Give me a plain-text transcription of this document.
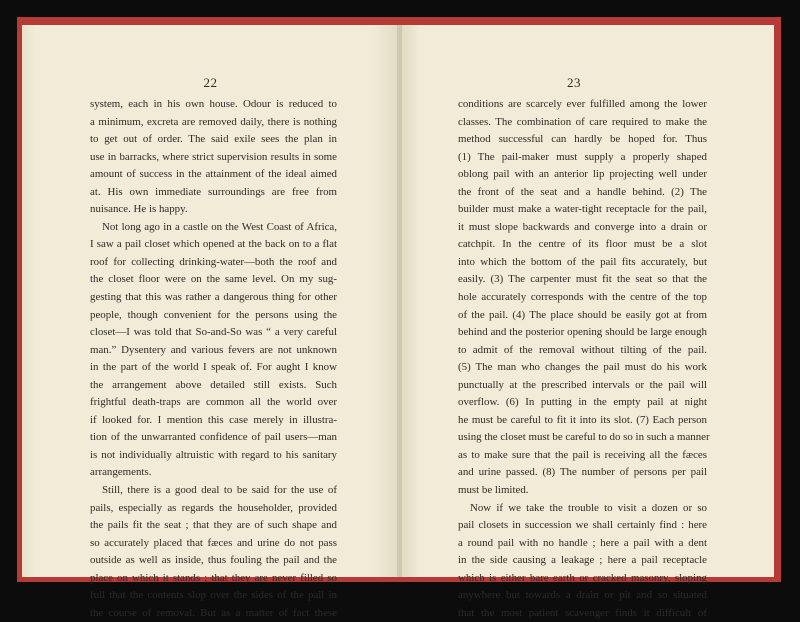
22
system, each in his own house. Odour is reduced to
a minimum, excreta are removed daily, there is nothing
to get out of order. The said exile sees the plan in
use in barracks, where strict supervision results in some
amount of success in the attainment of the ideal aimed
at. His own immediate surroundings are free from
nuisance. He is happy.
Not long ago in a castle on the West Coast of Africa,
I saw a pail closet which opened at the back on to a flat
roof for collecting drinking-water—both the roof and
the closet floor were on the same level. On my sug-
gesting that this was rather a dangerous thing for other
people, though convenient for the persons using the
closet—I was told that So-and-So was “ a very careful
man.” Dysentery and various fevers are not unknown
in the part of the world I speak of. For aught I know
the arrangement above detailed still exists. Such
frightful death-traps are common all the world over
if looked for. I mention this case merely in illustra-
tion of the unwarranted confidence of pail users—man
is not individually altruistic with regard to his sanitary
arrangements.
Still, there is a good deal to be said for the use of
pails, especially as regards the householder, provided
the pails fit the seat ; that they are of such shape and
so accurately placed that fæces and urine do not pass
outside as well as inside, thus fouling the pail and the
place on which it stands ; that they are never filled so
full that the contents slop over the sides of the pail in
the course of removal. But as a matter of fact these
23
conditions are scarcely ever fulfilled among the lower
classes. The combination of care required to make the
method successful can hardly be hoped for. Thus
(1) The pail-maker must supply a properly shaped
oblong pail with an anterior lip projecting well under
the front of the seat and a handle behind. (2) The
builder must make a water-tight receptacle for the pail,
it must slope backwards and converge into a drain or
catchpit. In the centre of its floor must be a slot
into which the bottom of the pail fits accurately, but
easily. (3) The carpenter must fit the seat so that the
hole accurately corresponds with the centre of the top
of the pail. (4) The place should be easily got at from
behind and the posterior opening should be large enough
to admit of the removal without tilting of the pail.
(5) The man who changes the pail must do his work
punctually at the prescribed intervals or the pail will
overflow. (6) In putting in the empty pail at night
he must be careful to fit it into its slot. (7) Each person
using the closet must be careful to do so in such a manner
as to make sure that the pail is receiving all the fæces
and urine passed. (8) The number of persons per pail
must be limited.
Now if we take the trouble to visit a dozen or so
pail closets in succession we shall certainly find : here
a round pail with no handle ; here a pail with a dent
in the side causing a leakage ; here a pail receptacle
which is either bare earth or cracked masonry, sloping
anywhere but towards a drain or pit and so situated
that the most patient scavenger finds it difficult of
